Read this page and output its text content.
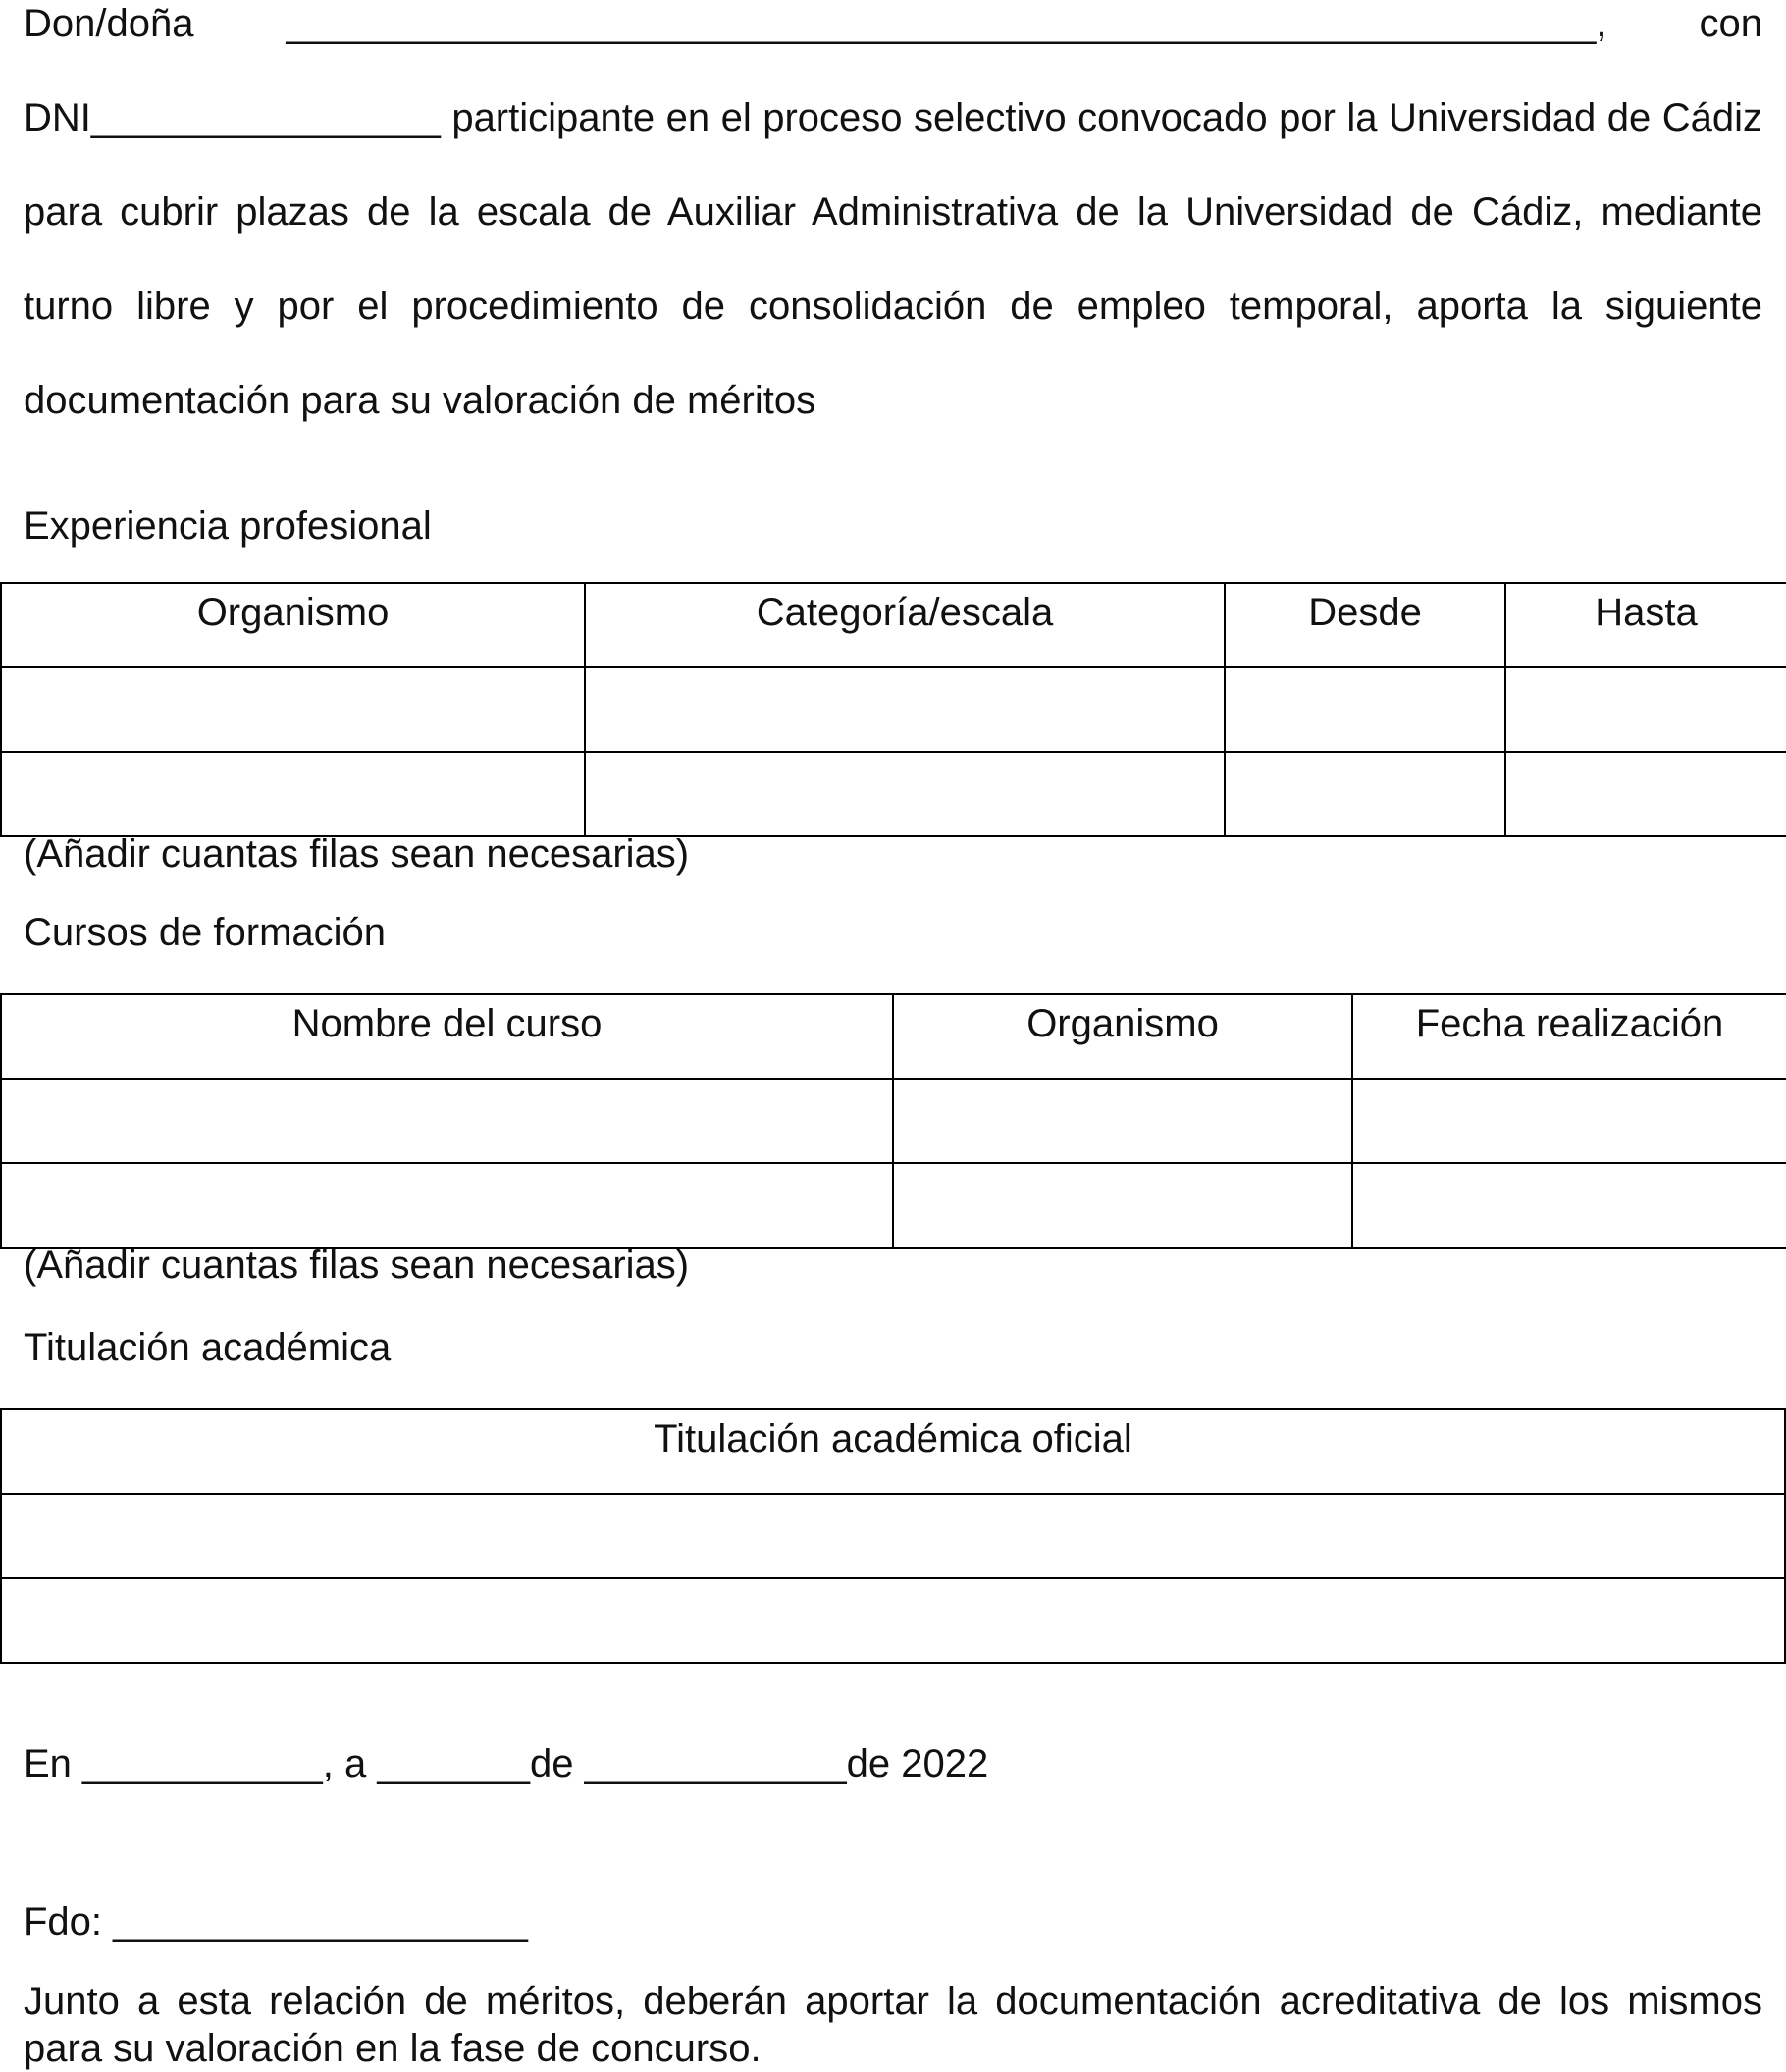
Don/doña ____________________________________________________________, con DNI________________ participante en el proceso selectivo convocado por la Universidad de Cádiz para cubrir plazas de la escala de Auxiliar Administrativa de la Universidad de Cádiz, mediante turno libre y por el procedimiento de consolidación de empleo temporal, aporta la siguiente documentación para su valoración de méritos

Experiencia profesional
Organismo	Categoría/escala	Desde	Hasta

(Añadir cuantas filas sean necesarias)
Cursos de formación
Nombre del curso	Organismo	Fecha realización

(Añadir cuantas filas sean necesarias)
Titulación académica
Titulación académica oficial

En ___________, a _______de ____________de 2022
Fdo: ___________________

Junto a esta relación de méritos, deberán aportar la documentación acreditativa de los mismos para su valoración en la fase de concurso.
